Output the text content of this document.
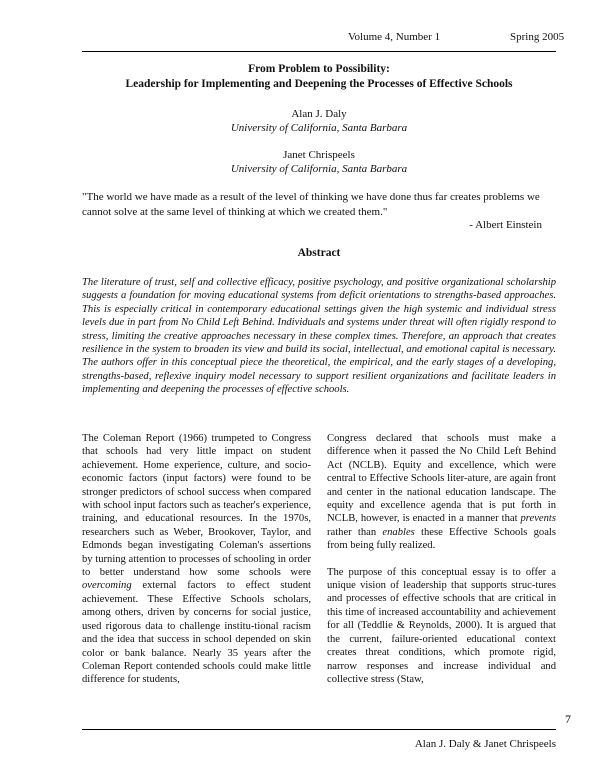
Volume 4, Number 1	Spring 2005
From Problem to Possibility:
Leadership for Implementing and Deepening the Processes of Effective Schools
Alan J. Daly
University of California, Santa Barbara
Janet Chrispeels
University of California, Santa Barbara
"The world we have made as a result of the level of thinking we have done thus far creates problems we cannot solve at the same level of thinking at which we created them."
- Albert Einstein
Abstract
The literature of trust, self and collective efficacy, positive psychology, and positive organizational scholarship suggests a foundation for moving educational systems from deficit orientations to strengths-based approaches. This is especially critical in contemporary educational settings given the high systemic and individual stress levels due in part from No Child Left Behind. Individuals and systems under threat will often rigidly respond to stress, limiting the creative approaches necessary in these complex times. Therefore, an approach that creates resilience in the system to broaden its view and build its social, intellectual, and emotional capital is necessary. The authors offer in this conceptual piece the theoretical, the empirical, and the early stages of a developing, strengths-based, reflexive inquiry model necessary to support resilient organizations and facilitate leaders in implementing and deepening the processes of effective schools.

The Coleman Report (1966) trumpeted to Congress that schools had very little impact on student achievement. Home experience, culture, and socio-economic factors (input factors) were found to be stronger predictors of school success when compared with school input factors such as teacher's experience, training, and educational resources. In the 1970s, researchers such as Weber, Brookover, Taylor, and Edmonds began investigating Coleman's assertions by turning attention to processes of schooling in order to better understand how some schools were overcoming external factors to effect student achievement. These Effective Schools scholars, among others, driven by concerns for social justice, used rigorous data to challenge institu-tional racism and the idea that success in school depended on skin color or bank balance. Nearly 35 years after the Coleman Report contended schools could make little difference for students,

Congress declared that schools must make a difference when it passed the No Child Left Behind Act (NCLB). Equity and excellence, which were central to Effective Schools liter-ature, are again front and center in the national education landscape. The equity and excellence agenda that is put forth in NCLB, however, is enacted in a manner that prevents rather than enables these Effective Schools goals from being fully realized.

The purpose of this conceptual essay is to offer a unique vision of leadership that supports struc-tures and processes of effective schools that are critical in this time of increased accountability and achievement for all (Teddlie & Reynolds, 2000). It is argued that the current, failure-oriented educational context creates threat conditions, which promote rigid, narrow responses and increase individual and collective stress (Staw,

7
Alan J. Daly & Janet Chrispeels
